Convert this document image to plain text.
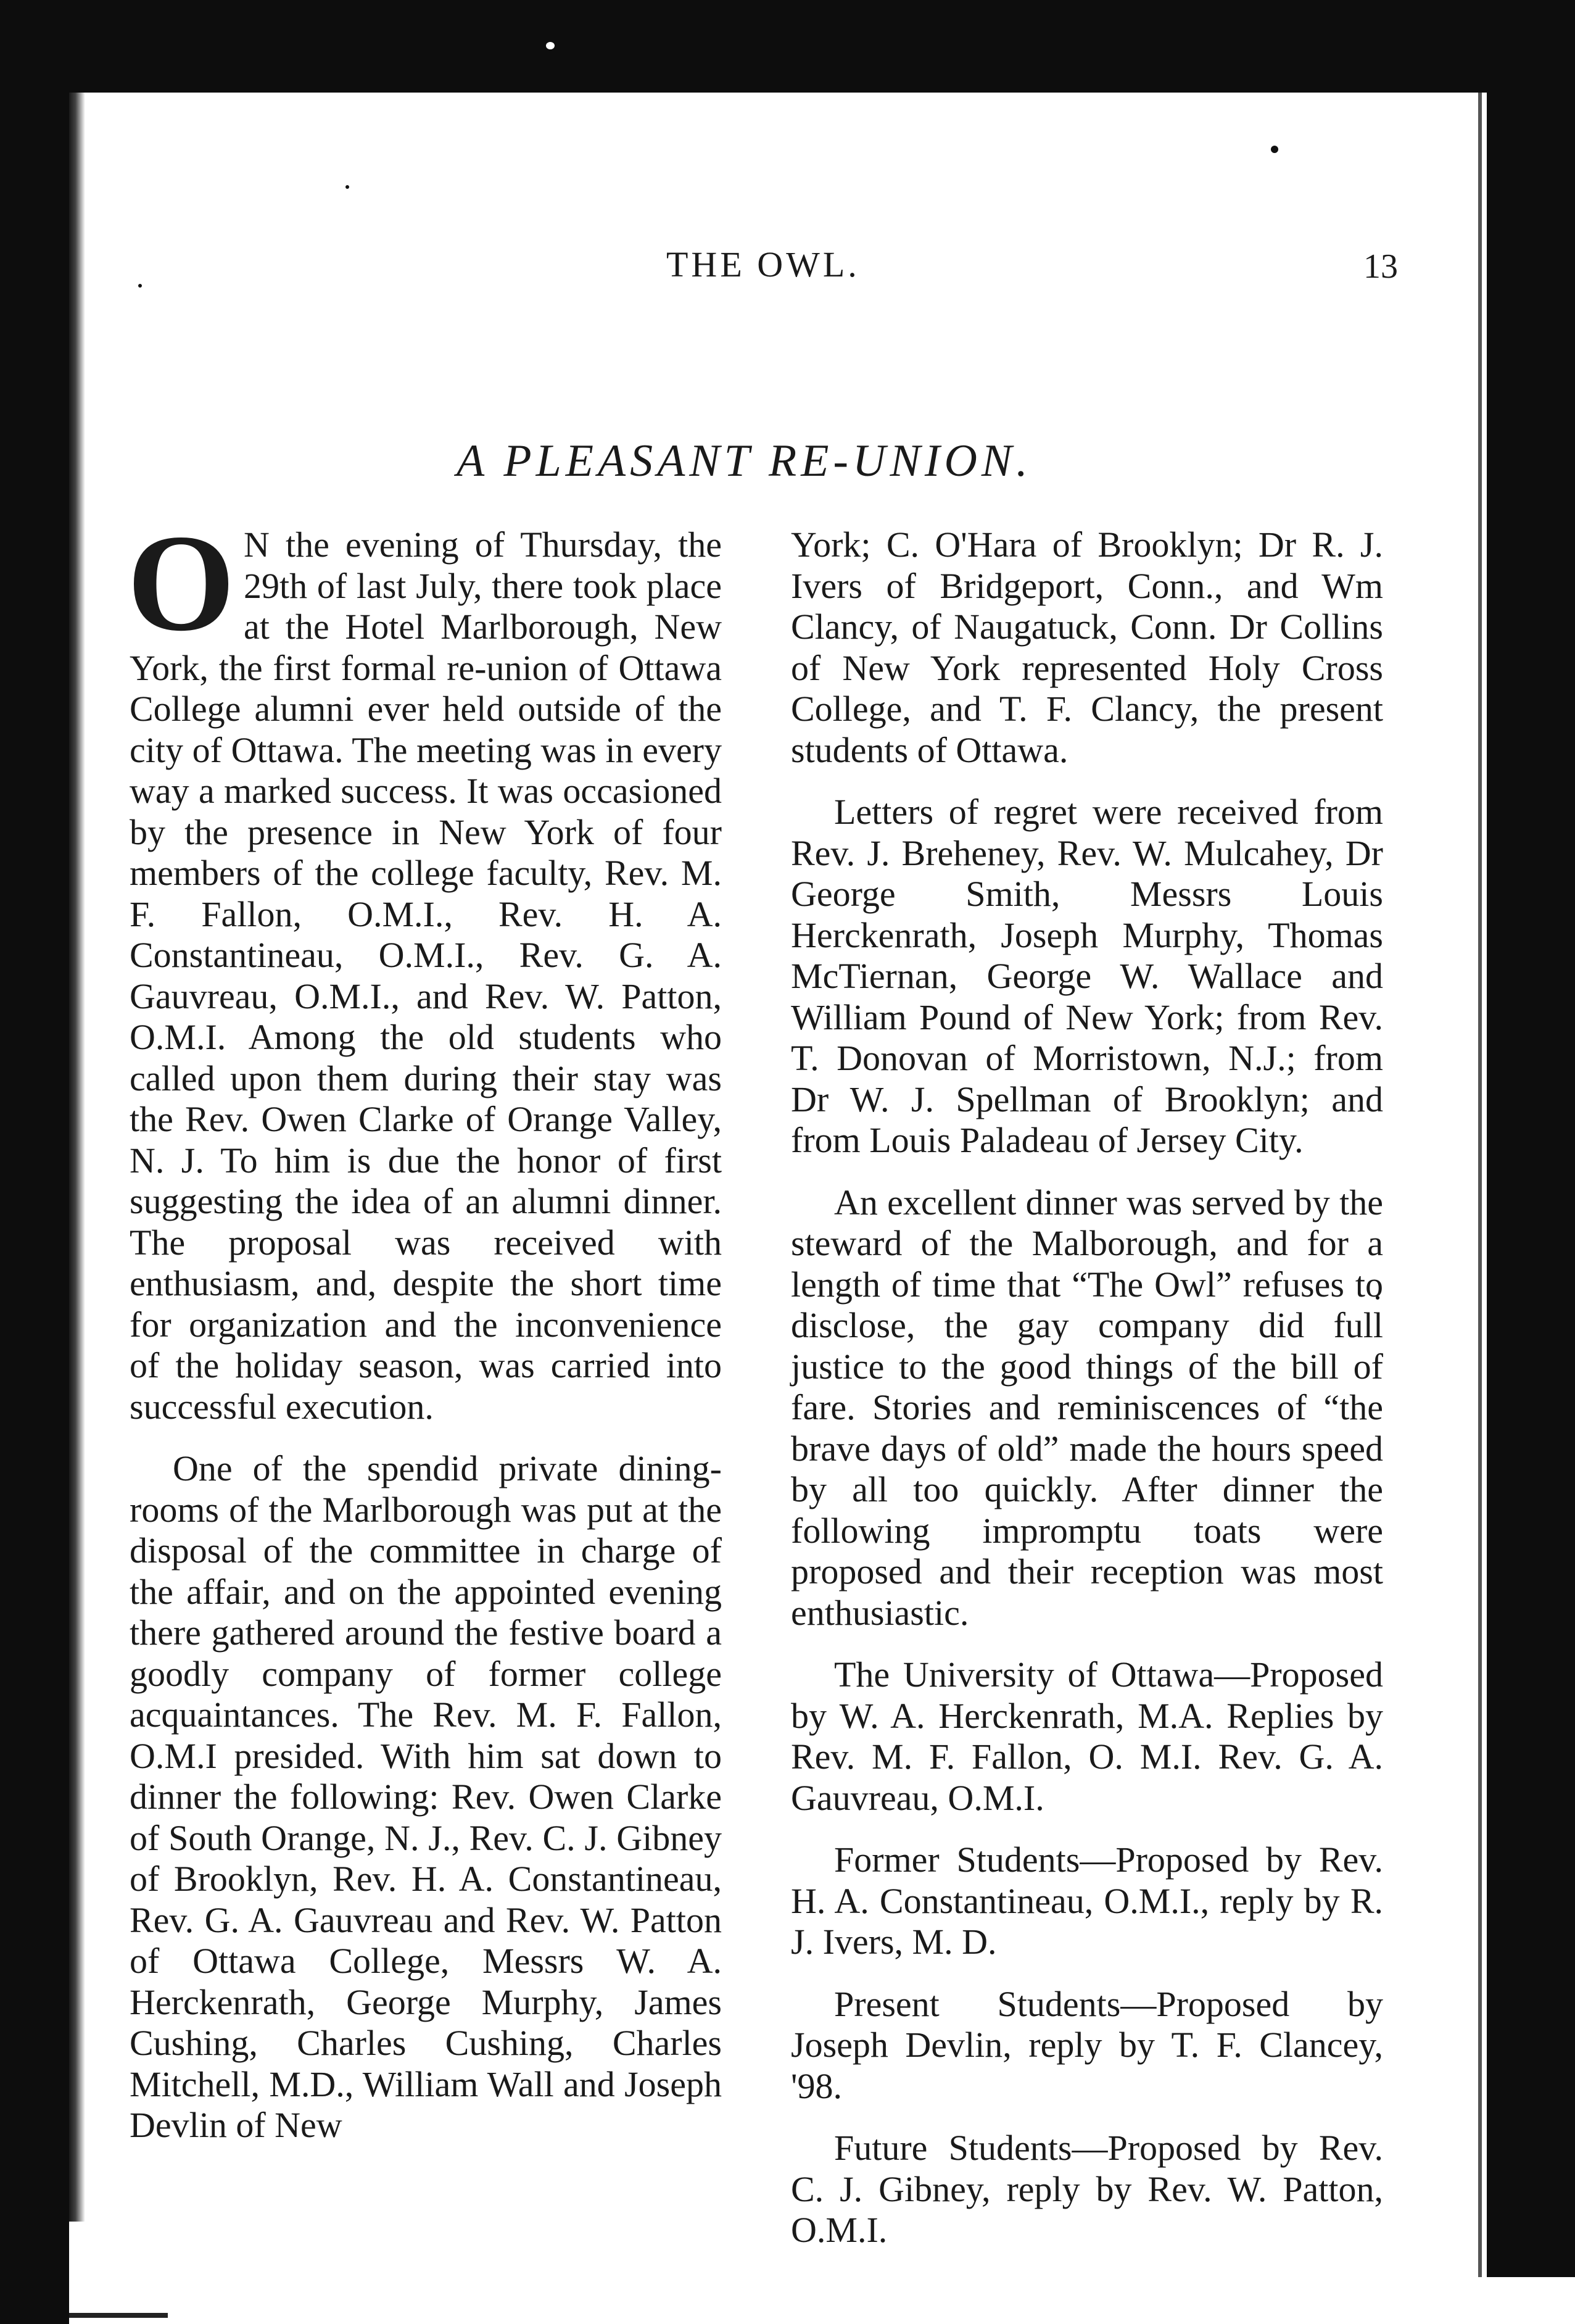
THE OWL.	13
A PLEASANT RE-UNION.

O N the evening of Thursday, the 29th of last July, there took place at the Hotel Marlborough, New York, the first formal re-union of Ottawa College alumni ever held outside of the city of Ottawa. The meeting was in every way a marked success. It was occasioned by the presence in New York of four members of the college faculty, Rev. M. F. Fallon, O.M.I., Rev. H. A. Constantineau, O.M.I., Rev. G. A. Gauvreau, O.M.I., and Rev. W. Patton, O.M.I. Among the old students who called upon them during their stay was the Rev. Owen Clarke of Orange Valley, N. J. To him is due the honor of first suggesting the idea of an alumni dinner. The proposal was received with enthusiasm, and, despite the short time for organization and the inconvenience of the holiday season, was carried into successful execution.

One of the spendid private dining-rooms of the Marlborough was put at the disposal of the committee in charge of the affair, and on the appointed evening there gathered around the festive board a goodly company of former college acquaintances. The Rev. M. F. Fallon, O.M.I presided. With him sat down to dinner the following: Rev. Owen Clarke of South Orange, N. J., Rev. C. J. Gibney of Brooklyn, Rev. H. A. Constantineau, Rev. G. A. Gauvreau and Rev. W. Patton of Ottawa College, Messrs W. A. Herckenrath, George Murphy, James Cushing, Charles Cushing, Charles Mitchell, M.D., William Wall and Joseph Devlin of New

York; C. O'Hara of Brooklyn; Dr R. J. Ivers of Bridgeport, Conn., and Wm Clancy, of Naugatuck, Conn. Dr Collins of New York represented Holy Cross College, and T. F. Clancy, the present students of Ottawa.

Letters of regret were received from Rev. J. Breheney, Rev. W. Mulcahey, Dr George Smith, Messrs Louis Herckenrath, Joseph Murphy, Thomas McTiernan, George W. Wallace and William Pound of New York; from Rev. T. Donovan of Morristown, N.J.; from Dr W. J. Spellman of Brooklyn; and from Louis Paladeau of Jersey City.

An excellent dinner was served by the steward of the Malborough, and for a length of time that “The Owl” refuses to disclose, the gay company did full justice to the good things of the bill of fare. Stories and reminiscences of “the brave days of old” made the hours speed by all too quickly. After dinner the following impromptu toats were proposed and their reception was most enthusiastic.

The University of Ottawa—Proposed by W. A. Herckenrath, M.A. Replies by Rev. M. F. Fallon, O. M.I. Rev. G. A. Gauvreau, O.M.I.

Former Students—Proposed by Rev. H. A. Constantineau, O.M.I., reply by R. J. Ivers, M. D.

Present Students—Proposed by Joseph Devlin, reply by T. F. Clancey, '98.

Future Students—Proposed by Rev. C. J. Gibney, reply by Rev. W. Patton, O.M.I.
